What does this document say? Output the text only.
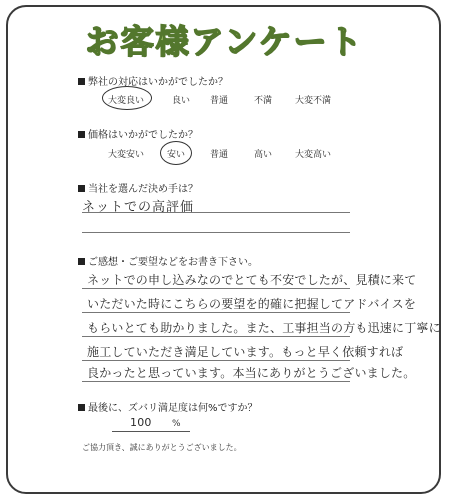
お客様アンケート
弊社の対応はいかがでしたか？
大変良い	良い 普通	不満	大変不満
価格はいかがでしたか？
大変安い	安い	普通	高い	大変高い
当社を選んだ決め手は？
ネットでの高評価
ご感想・ご要望などをお書き下さい。
ネットでの申し込みなのでとても不安でしたが、見積に来て
いただいた時にこちらの要望を的確に把握してアドバイスを
もらいとても助かりました。また、工事担当の方も迅速に丁寧に
施工していただき満足しています。もっと早く依頼すれば
良かったと思っています。本当にありがとうございました。
最後に、ズバリ満足度は何%ですか？
100 %
ご協力頂き、誠にありがとうございました。
